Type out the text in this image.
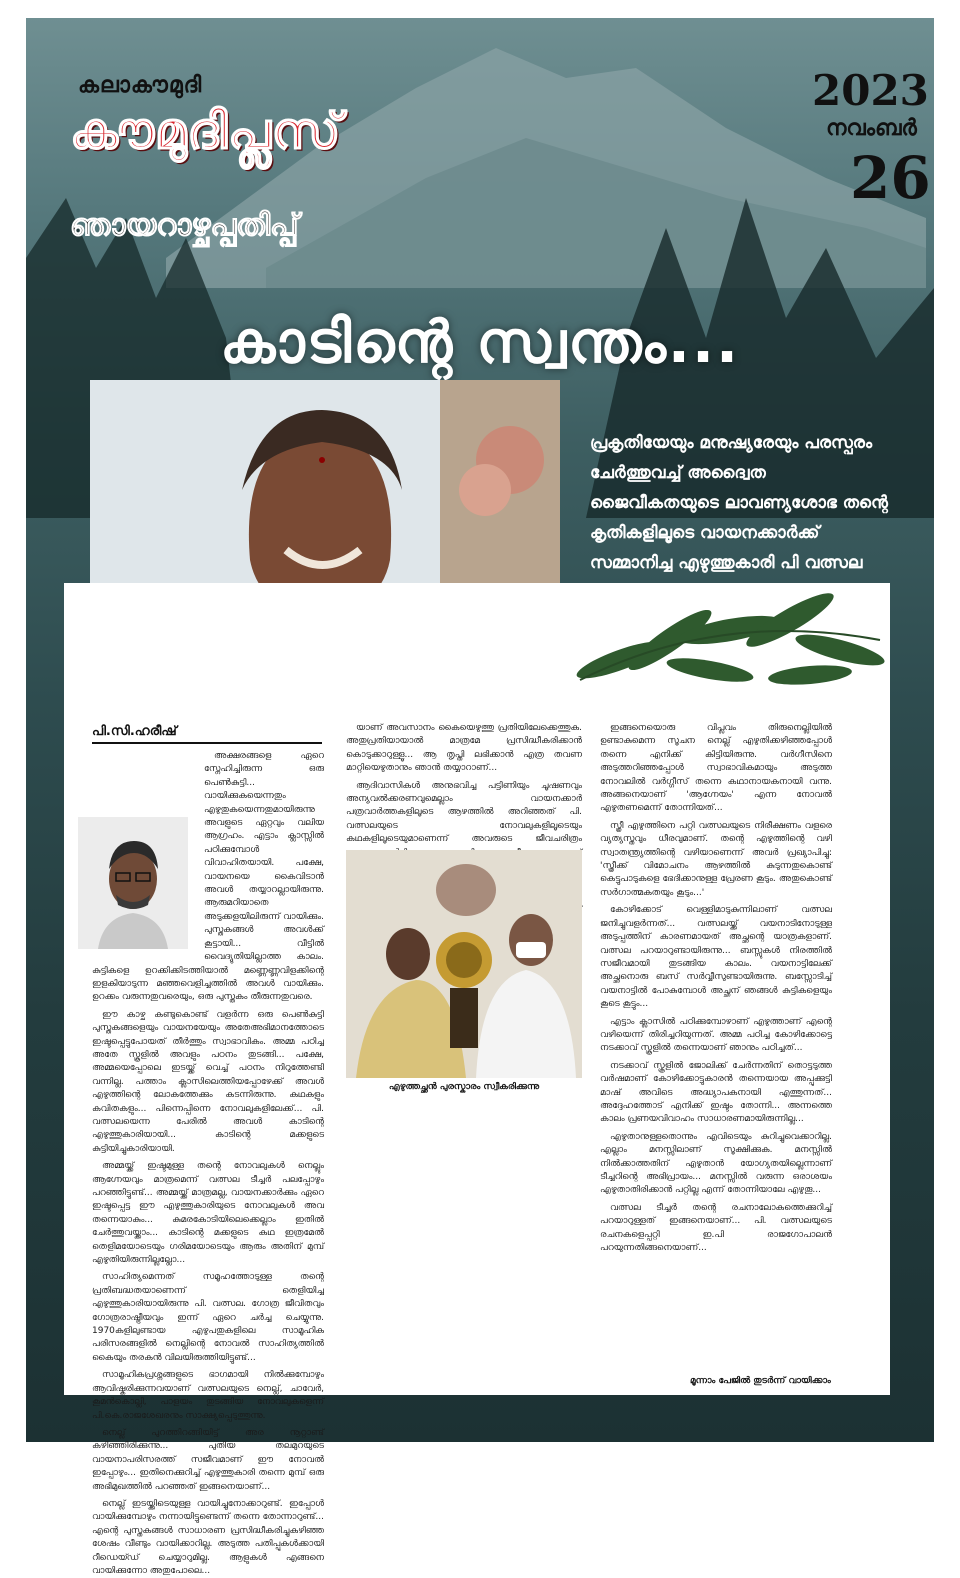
കലാകൗമുദി
കൗമുദിപ്ലസ്
ഞായറാഴ്ചപ്പതിപ്പ്
2023
നവംബർ
26
കാടിന്റെ സ്വന്തം...
പ്രകൃതിയേയും മനുഷ്യരേയും പരസ്പരം ചേർത്തുവച്ച് അദ്വൈത ജൈവീകതയുടെ ലാവണ്യശോഭ തന്റെ കൃതികളിലൂടെ വായനക്കാർക്ക് സമ്മാനിച്ച എഴുത്തുകാരി പി വത്സല
പി.സി.ഹരീഷ്

അക്ഷരങ്ങളെ ഏറെ സ്നേഹിച്ചിരുന്ന ഒരു പെൺകുട്ടി... വായിക്കുകയെന്നതും എഴുതുകയെന്നതുമായിരുന്നു അവളുടെ ഏറ്റവും വലിയ ആഗ്രഹം. എട്ടാം ക്ലാസ്സിൽ പഠിക്കുമ്പോൾ വിവാഹിതയായി. പക്ഷേ, വായനയെ കൈവിടാൻ അവൾ തയ്യാറല്ലായിരുന്നു. ആരുമറിയാതെ അടുക്കളയിലിരുന്ന് വായിക്കും. പുസ്തകങ്ങൾ അവൾക്ക് കൂട്ടായി... വീട്ടിൽ വൈദ്യുതിയില്ലാത്ത കാലം. കുട്ടികളെ ഉറക്കിക്കിടത്തിയാൽ മണ്ണെണ്ണവിളക്കിന്റെ ഇളകിയാടുന്ന മഞ്ഞവെളിച്ചത്തിൽ അവൾ വായിക്കും. ഉറക്കം വരുന്നതുവരെയും, ഒരു പുസ്തകം തീരുന്നതുവരെ.

ഈ കാഴ്ച കണ്ടുകൊണ്ട് വളർന്ന ഒരു പെൺകുട്ടി പുസ്തകങ്ങളെയും വായനയേയും അതേഅഭിമാനത്തോടെ ഇഷ്ടപ്പെട്ടുപോയത് തീർത്തും സ്വാഭാവികം. അമ്മ പഠിച്ച അതേ സ്കൂളിൽ അവളും പഠനം തുടങ്ങി... പക്ഷേ, അമ്മയെപ്പോലെ ഇടയ്ക്ക് വെച്ച് പഠനം നിറുത്തേണ്ടി വന്നില്ല. പത്താം ക്ലാസിലെത്തിയപ്പോഴേക്ക് അവൾ എഴുത്തിന്റെ ലോകത്തേക്കും കടന്നിരുന്നു. കഥകളും കവിതകളും... പിന്നെപ്പിന്നെ നോവലുകളിലേക്ക്... പി. വത്സലയെന്ന പേരിൽ അവൾ കാടിന്റെ എഴുത്തുകാരിയായി... കാടിന്റെ മക്കളുടെ കുട്ടിയിച്ചുകാരിയായി.

അമ്മയ്ക്ക് ഇഷ്ടമുള്ള തന്റെ നോവലുകൾ നെല്ലും ആഗ്നേയവും മാത്രമെന്ന് വത്സല ടീച്ചർ പലപ്പോഴും പറഞ്ഞിട്ടുണ്ട്... അമ്മയ്ക്ക് മാത്രമല്ല, വായനക്കാർക്കും ഏറെ ഇഷ്ടപ്പെട്ട ഈ എഴുത്തുകാരിയുടെ നോവലുകൾ അവ തന്നെയാകും... കുമരകോടിയിലെക്കെല്ലാം ഇതിൽ ചേർത്തുവയ്ക്കാം... കാടിന്റെ മക്കളുടെ കഥ ഇത്രമേൽ തെളിമയോടെയും ഗരിമയോടെയും ആരും അതിന് മുമ്പ് എഴുതിയിരുന്നില്ലല്ലോ...

സാഹിത്യമെന്നത് സമൂഹത്തോടുള്ള തന്റെ പ്രതിബദ്ധതയാണെന്ന് തെളിയിച്ച എഴുത്തുകാരിയായിരുന്നു പി. വത്സല. ഗോത്ര ജീവിതവും ഗോത്രരാഷ്ട്രീയവും ഇന്ന് ഏറെ ചർച്ച ചെയ്യുന്നു. 1970കളിലുണ്ടായ എഴുപതുകളിലെ സാമൂഹിക പരിസരങ്ങളിൽ നെല്ലിന്റെ നോവൽ സാഹിത്യത്തിൽ കൈയും തരകൻ വിലയിരുത്തിയിട്ടുണ്ട്...

സാമൂഹികപ്രശ്നങ്ങളുടെ ഭാഗമായി നിൽക്കുമ്പോഴും ആവിഷ്കരിക്കുന്നവയാണ് വത്സലയുടെ നെല്ല്, ചാവേർ, കൂമൻകൊല്ലി, പാളയം തുടങ്ങിയ നോവലുകളെന്ന് പി.കെ.രാജശേഖരനും സാക്ഷ്യപ്പെടുത്തുന്നു.

നെല്ല് പുറത്തിറങ്ങിയിട്ട് അര നൂറ്റാണ്ട് കഴിഞ്ഞിരിക്കുന്നു... പുതിയ തലമുറയുടെ വായനാപരിസരത്ത് സജീവമാണ് ഈ നോവൽ ഇപ്പോഴും... ഇതിനെക്കുറിച്ച് എഴുത്തുകാരി തന്നെ മുമ്പ് ഒരു അഭിമുഖത്തിൽ പറഞ്ഞത് ഇങ്ങനെയാണ്...

നെല്ല് ഇടയ്ക്കിടെയുള്ള വായിച്ചുനോക്കാറുണ്ട്. ഇപ്പോൾ വായിക്കുമ്പോഴും നന്നായിട്ടുണ്ടെന്ന് തന്നെ തോന്നാറുണ്ട്... എന്റെ പുസ്തകങ്ങൾ സാധാരണ പ്രസിദ്ധീകരിച്ചുകഴിഞ്ഞ ശേഷം വീണ്ടും വായിക്കാറില്ല. അടുത്ത പതിപ്പുകൾക്കായി റീഡെയ്ഡ് ചെയ്യാറുമില്ല. ആളുകൾ എങ്ങനെ വായിക്കുന്നോ അതുപോലെ...

യാണ് അവസാനം കൈയെഴുത്തു പ്രതിയിലേക്കെത്തുക. അതുപ്രതിയായാൽ മാത്രമേ പ്രസിദ്ധീകരിക്കാൻ കൊടുക്കാറുള്ളൂ... ആ തൃപ്തി ലഭിക്കാൻ എത്ര തവണ മാറ്റിയെഴുതാനും ഞാൻ തയ്യാറാണ്...

ആദിവാസികൾ അനുഭവിച്ച പട്ടിണിയും ചൂഷണവും അന്യവൽക്കരണവുമെല്ലാം വായനക്കാർ പത്രവാർത്തകളിലൂടെ ആഴത്തിൽ അറിഞ്ഞത് പി. വത്സലയുടെ നോവലുകളിലൂടെയും കഥകളിലൂടെയുമാണെന്ന് അവരുടെ ജീവചരിത്രം

എഴുത്തച്ഛൻ പുരസ്കാരം സ്വീകരിക്കുന്നു

ഇങ്ങനെയൊരു വിപ്ലവം തിരുനെല്ലിയിൽ ഉണ്ടാകുമെന്ന സൂചന നെല്ല് എഴുതിക്കഴിഞ്ഞപ്പോൾ തന്നെ എനിക്ക് കിട്ടിയിരുന്നു. വർഗീസിനെ അടുത്തറിഞ്ഞപ്പോൾ സ്വാഭാവികമായും അടുത്ത നോവലിൽ വർഗ്ഗീസ് തന്നെ കഥാനായകനായി വന്നു. അങ്ങനെയാണ് 'ആഗ്നേയം' എന്ന നോവൽ എഴുതണമെന്ന് തോന്നിയത്...

സ്ത്രീ എഴുത്തിനെ പറ്റി വത്സലയുടെ നിരീക്ഷണം വളരെ വ്യത്യസ്തവും ധീരവുമാണ്. തന്റെ എഴുത്തിന്റെ വഴി സ്വാതന്ത്ര്യത്തിന്റെ വഴിയാണെന്ന് അവർ പ്രഖ്യാപിച്ചു: 'സ്ത്രീക്ക് വിമോചനം ആഴത്തിൽ കുടുന്നതുകൊണ്ട് കെട്ടുപാടുകളെ ഭേദിക്കാനുള്ള പ്രേരണ കൂടും. അതുകൊണ്ട് സർഗാത്മകതയും കൂടും...'

കോഴിക്കോട് വെള്ളിമാടുകുന്നിലാണ് വത്സല ജനിച്ചുവളർന്നത്... വത്സലയ്ക്ക് വയനാടിനോടുള്ള അടുപ്പത്തിന് കാരണമായത് അച്ഛന്റെ യാത്രകളാണ്. വത്സല പറയാറുണ്ടായിരുന്നു... ബസ്സുകൾ നിരത്തിൽ സജീവമായി തുടങ്ങിയ കാലം. വയനാട്ടിലേക്ക് അച്ഛനൊരു ബസ് സർവ്വീസുണ്ടായിരുന്നു. ബസ്സോടിച്ച് വയനാട്ടിൽ പോകുമ്പോൾ അച്ഛന് ഞങ്ങൾ കുട്ടികളെയും കൂടെ കൂട്ടും...

എട്ടാം ക്ലാസിൽ പഠിക്കുമ്പോഴാണ് എഴുത്താണ് എന്റെ വഴിയെന്ന് തിരിച്ചറിയുന്നത്. അമ്മ പഠിച്ച കോഴിക്കോട്ടെ നടക്കാവ് സ്കൂളിൽ തന്നെയാണ് ഞാനും പഠിച്ചത്...

നടക്കാവ് സ്കൂളിൽ ജോലിക്ക് ചേർന്നതിന് തൊട്ടടുത്ത വർഷമാണ് കോഴിക്കോട്ടുകാരൻ തന്നെയായ അപ്പുക്കുട്ടി മാഷ് അവിടെ അദ്ധ്യാപകനായി എത്തുന്നത്... അദ്ദേഹത്തോട് എനിക്ക് ഇഷ്ടം തോന്നി... അന്നത്തെ കാലം പ്രണയവിവാഹം സാധാരണമായിരുന്നില്ല...

എഴുതാനുള്ളതൊന്നും എവിടെയും കുറിച്ചുവെക്കാറില്ല. എല്ലാം മനസ്സിലാണ് സൂക്ഷിക്കുക. മനസ്സിൽ നിൽക്കാത്തതിന് എഴുതാൻ യോഗ്യതയില്ലെന്നാണ് ടീച്ചറിന്റെ അഭിപ്രായം... മനസ്സിൽ വരുന്ന ഒരാശയം എഴുതാതിരിക്കാൻ പറ്റില്ല എന്ന് തോന്നിയാലേ എഴുതൂ...

വത്സല ടീച്ചർ തന്റെ രചനാലോകത്തെക്കുറിച്ച് പറയാറുള്ളത് ഇങ്ങനെയാണ്... പി. വത്സലയുടെ രചനകളെപ്പറ്റി ഇ.പി രാജഗോപാലൻ പറയുന്നതിങ്ങനെയാണ്...

മൂന്നാം പേജിൽ തുടർന്ന് വായിക്കാം
